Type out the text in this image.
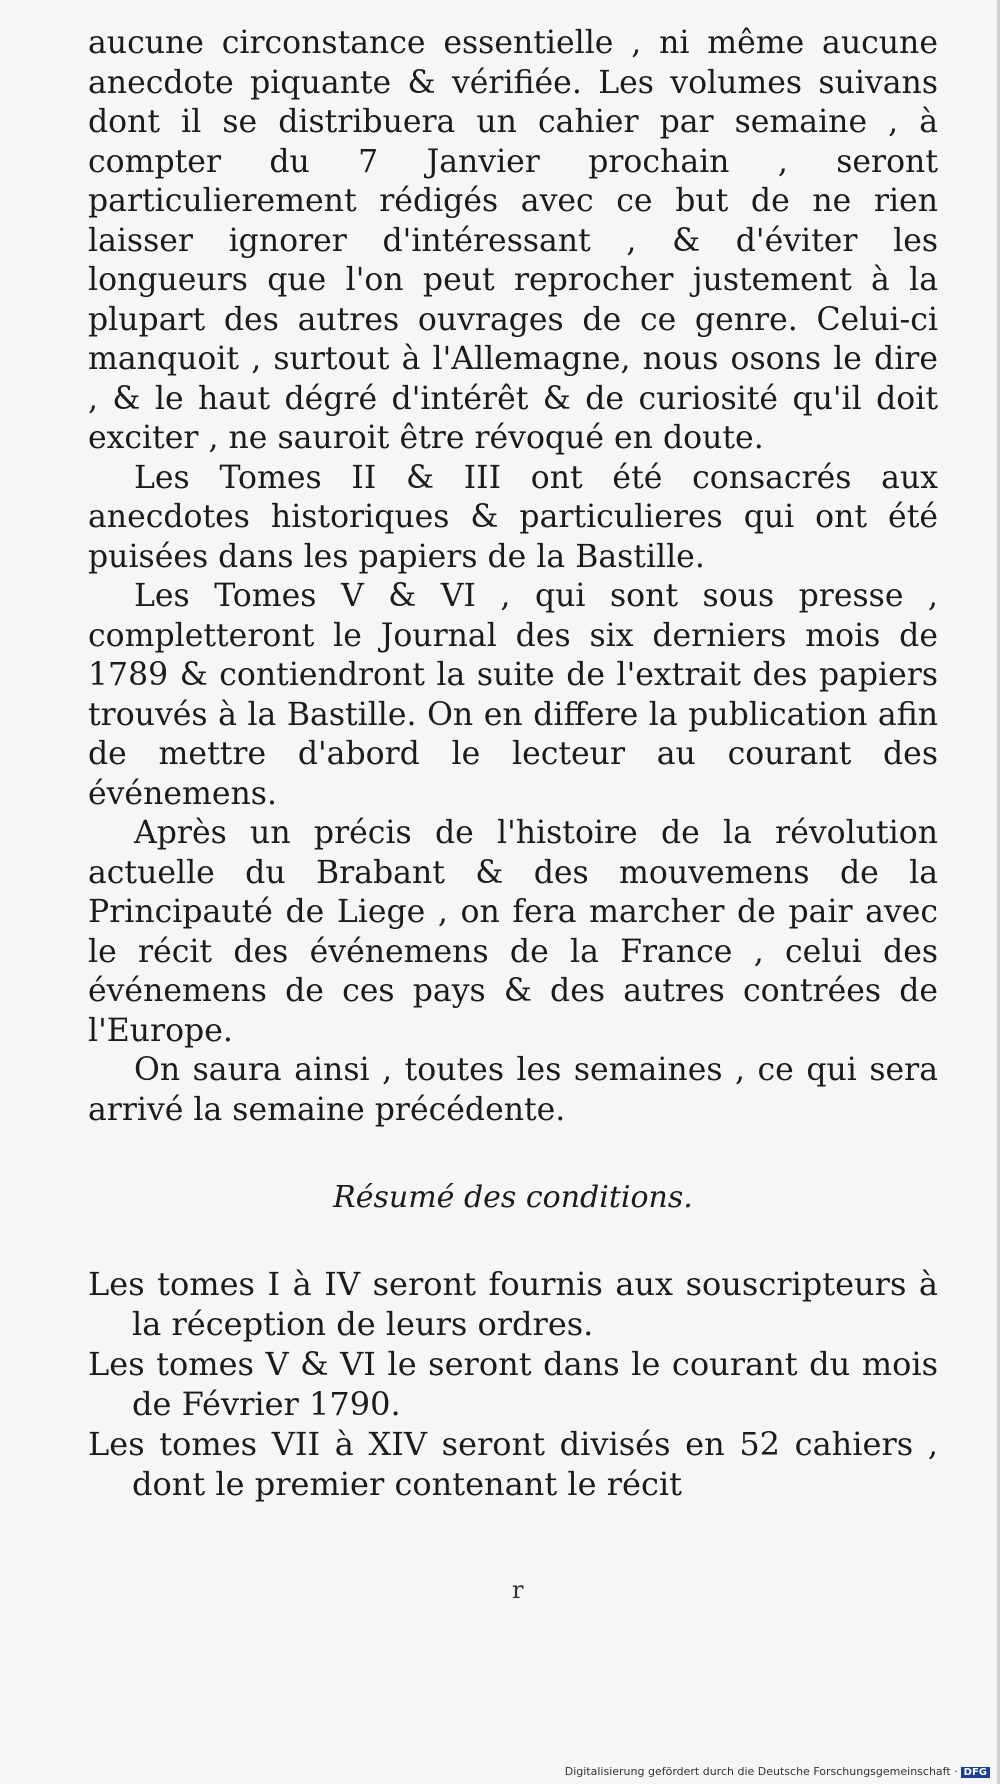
aucune circonstance essentielle , ni même aucune anecdote piquante & vérifiée. Les volumes suivans dont il se distribuera un cahier par semaine , à compter du 7 Janvier prochain , seront particulierement rédigés avec ce but de ne rien laisser ignorer d'intéressant , & d'éviter les longueurs que l'on peut reprocher justement à la plupart des autres ouvrages de ce genre. Celui-ci manquoit , surtout à l'Allemagne, nous osons le dire , & le haut dégré d'intérêt & de curiosité qu'il doit exciter , ne sauroit être révoqué en doute.

Les Tomes II & III ont été consacrés aux anecdotes historiques & particulieres qui ont été puisées dans les papiers de la Bastille.

Les Tomes V & VI , qui sont sous presse , completteront le Journal des six derniers mois de 1789 & contiendront la suite de l'extrait des papiers trouvés à la Bastille. On en differe la publication afin de mettre d'abord le lecteur au courant des événemens.

Après un précis de l'histoire de la révolution actuelle du Brabant & des mouvemens de la Principauté de Liege , on fera marcher de pair avec le récit des événemens de la France , celui des événemens de ces pays & des autres contrées de l'Europe.

On saura ainsi , toutes les semaines , ce qui sera arrivé la semaine précédente.

Résumé des conditions.

Les tomes I à IV seront fournis aux souscripteurs à la réception de leurs ordres.

Les tomes V & VI le seront dans le courant du mois de Février 1790.

Les tomes VII à XIV seront divisés en 52 cahiers , dont le premier contenant le récit

r
Digitalisierung gefördert durch die Deutsche Forschungsgemeinschaft · DFG
